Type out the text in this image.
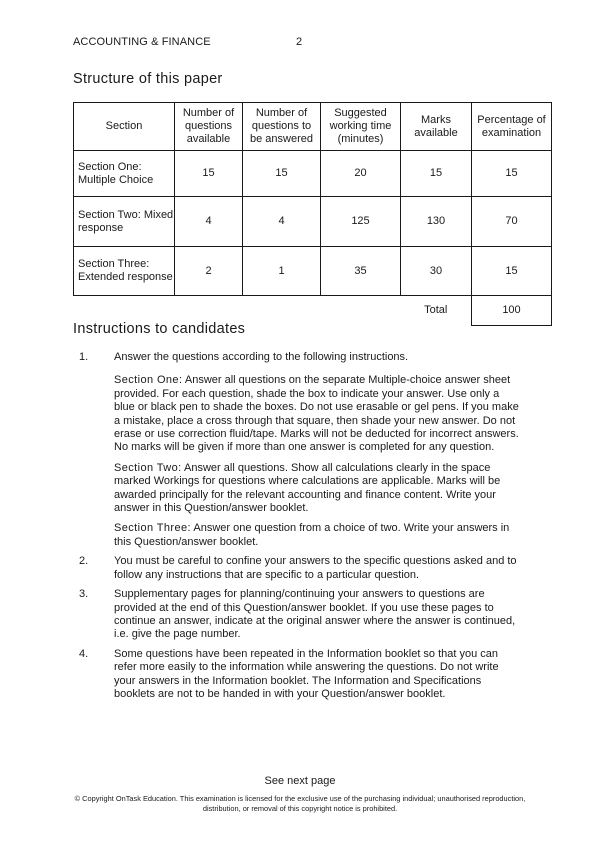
ACCOUNTING & FINANCE	2
Structure of this paper
Section	Number of questions available	Number of questions to be answered	Suggested working time (minutes)	Marks available	Percentage of examination
Section One: Multiple Choice	15	15	20	15	15
Section Two: Mixed response	4	4	125	130	70
Section Three: Extended response	2	1	35	30	15
				Total	100
Instructions to candidates
1. Answer the questions according to the following instructions.

Section One: Answer all questions on the separate Multiple-choice answer sheet provided. For each question, shade the box to indicate your answer. Use only a blue or black pen to shade the boxes. Do not use erasable or gel pens. If you make a mistake, place a cross through that square, then shade your new answer. Do not erase or use correction fluid/tape. Marks will not be deducted for incorrect answers. No marks will be given if more than one answer is completed for any question.

Section Two: Answer all questions. Show all calculations clearly in the space marked Workings for questions where calculations are applicable. Marks will be awarded principally for the relevant accounting and finance content. Write your answer in this Question/answer booklet.

Section Three: Answer one question from a choice of two. Write your answers in this Question/answer booklet.

2. You must be careful to confine your answers to the specific questions asked and to follow any instructions that are specific to a particular question.

3. Supplementary pages for planning/continuing your answers to questions are provided at the end of this Question/answer booklet. If you use these pages to continue an answer, indicate at the original answer where the answer is continued, i.e. give the page number.

4. Some questions have been repeated in the Information booklet so that you can refer more easily to the information while answering the questions. Do not write your answers in the Information booklet. The Information and Specifications booklets are not to be handed in with your Question/answer booklet.

See next page
© Copyright OnTask Education. This examination is licensed for the exclusive use of the purchasing individual; unauthorised reproduction, distribution, or removal of this copyright notice is prohibited.
